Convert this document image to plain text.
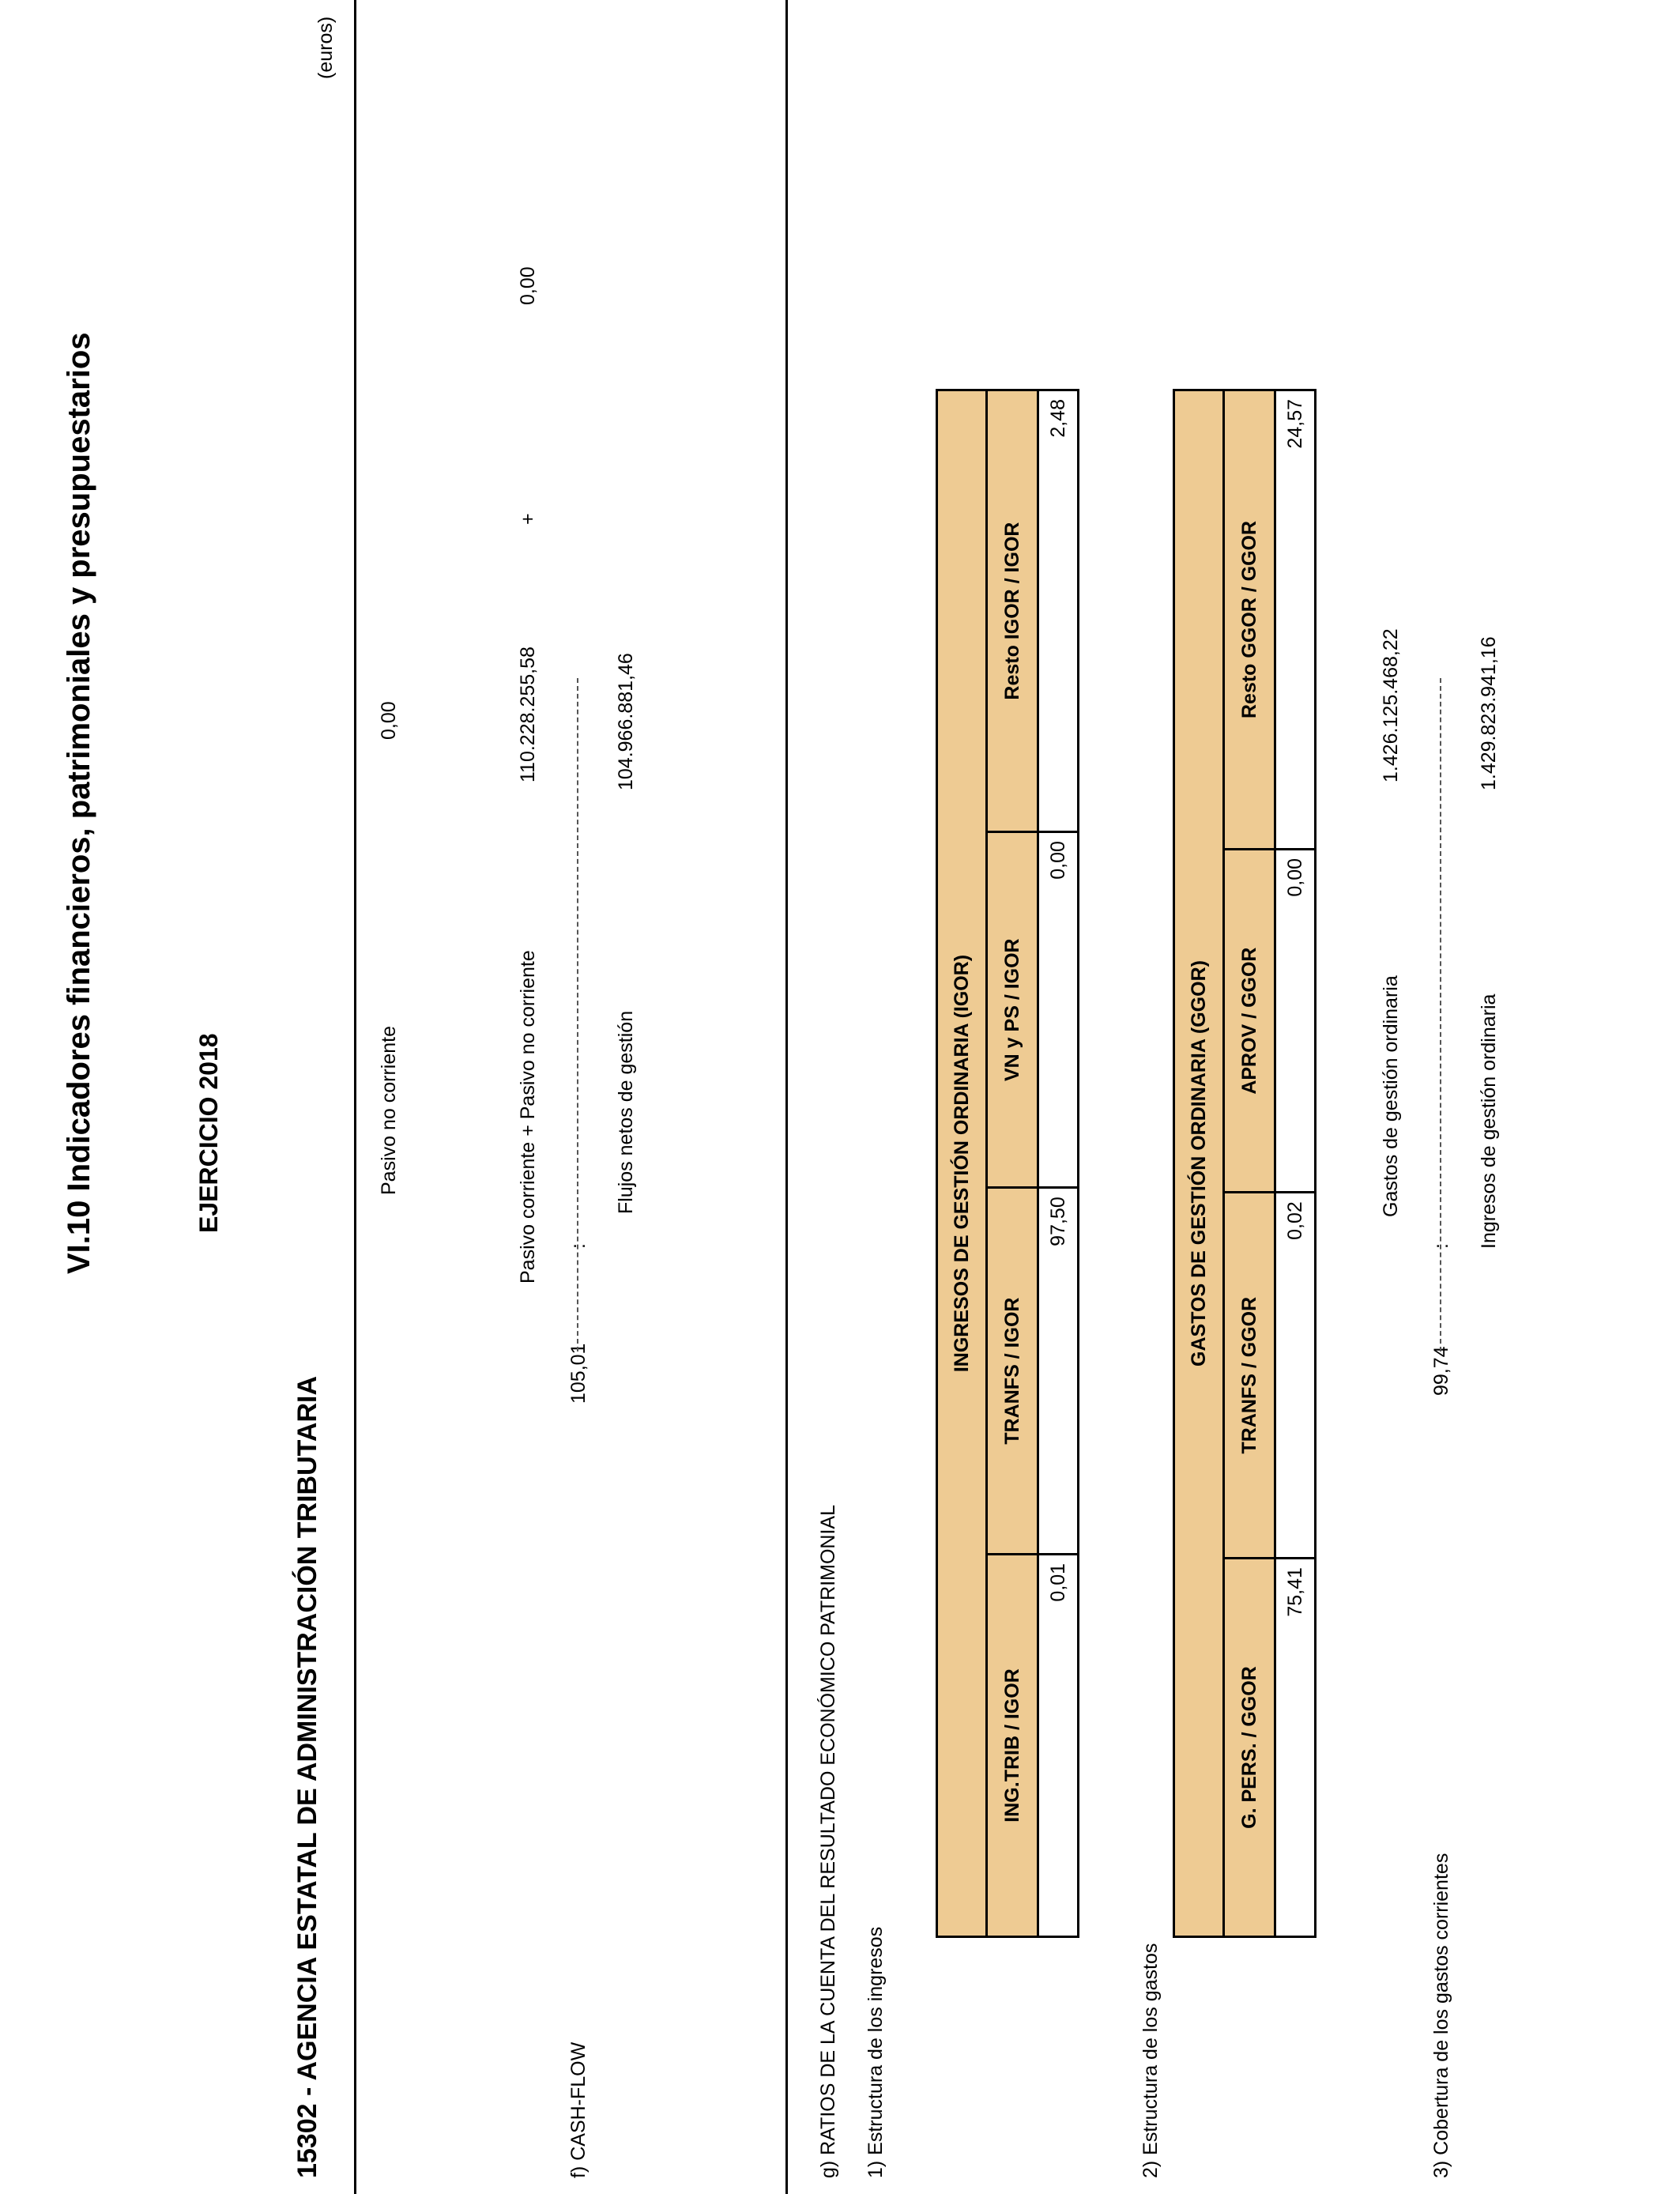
VI.10 Indicadores financieros, patrimoniales y presupuestarios	EJERCICIO 2018
15302 - AGENCIA ESTATAL DE ADMINISTRACIÓN TRIBUTARIA
(euros)
Pasivo no corriente
0,00
0,00
f) CASH-FLOW
105,01
:
Pasivo corriente + Pasivo no corriente
110.228.255,58
+
Flujos netos de gestión
104.966.881,46
g) RATIOS DE LA CUENTA DEL RESULTADO ECONÓMICO PATRIMONIAL 1) Estructura de los ingresos
INGRESOS DE GESTIÓN ORDINARIA (IGOR)			
ING.TRIB / IGOR	TRANFS / IGOR	VN y PS / IGOR	Resto IGOR / IGOR
0,01	97,50	0,00	2,48
2) Estructura de los gastos
GASTOS DE GESTIÓN ORDINARIA (GGOR)			
G. PERS. / GGOR	TRANFS / GGOR	APROV / GGOR	Resto GGOR / GGOR
75,41	0,02	0,00	24,57
3) Cobertura de los gastos corrientes
99,74
:
Gastos de gestión ordinaria
1.426.125.468,22
Ingresos de gestión ordinaria
1.429.823.941,16
